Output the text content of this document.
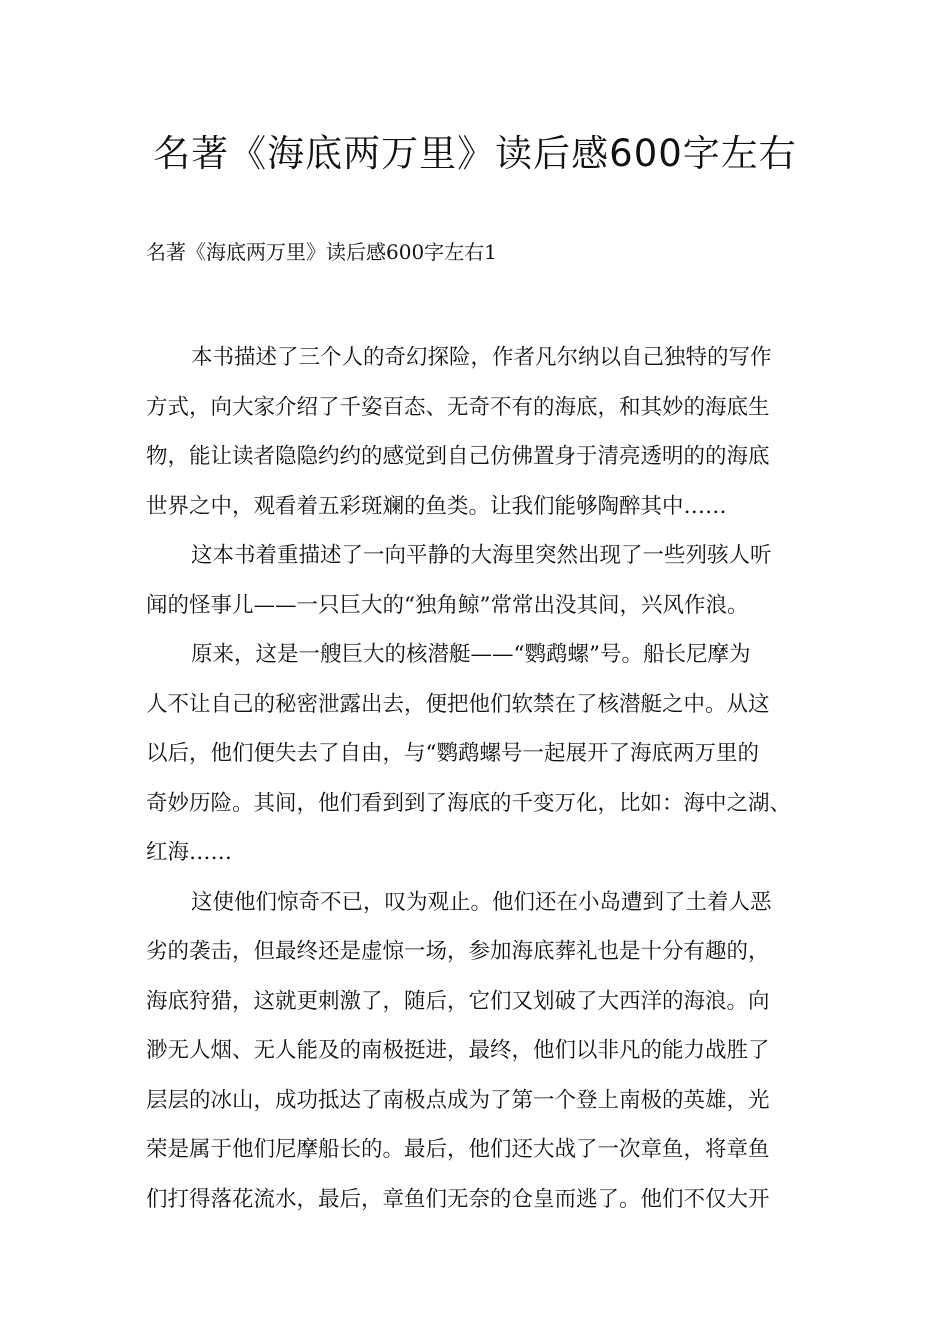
名著《海底两万里》读后感600字左右

名著《海底两万里》读后感600字左右1

本书描述了三个人的奇幻探险，作者凡尔纳以自己独特的写作
方式，向大家介绍了千姿百态、无奇不有的海底，和其妙的海底生
物，能让读者隐隐约约的感觉到自己仿佛置身于清亮透明的的海底
世界之中，观看着五彩斑斓的鱼类。让我们能够陶醉其中……
这本书着重描述了一向平静的大海里突然出现了一些列骇人听
闻的怪事儿——一只巨大的“独角鲸”常常出没其间，兴风作浪。
原来，这是一艘巨大的核潜艇——“鹦鹉螺”号。船长尼摩为
人不让自己的秘密泄露出去，便把他们软禁在了核潜艇之中。从这
以后，他们便失去了自由，与“鹦鹉螺号一起展开了海底两万里的
奇妙历险。其间，他们看到到了海底的千变万化，比如：海中之湖、
红海……
这使他们惊奇不已，叹为观止。他们还在小岛遭到了土着人恶
劣的袭击，但最终还是虚惊一场，参加海底葬礼也是十分有趣的，
海底狩猎，这就更刺激了，随后，它们又划破了大西洋的海浪。向
渺无人烟、无人能及的南极挺进，最终，他们以非凡的能力战胜了
层层的冰山，成功抵达了南极点成为了第一个登上南极的英雄，光
荣是属于他们尼摩船长的。最后，他们还大战了一次章鱼，将章鱼
们打得落花流水，最后，章鱼们无奈的仓皇而逃了。他们不仅大开
